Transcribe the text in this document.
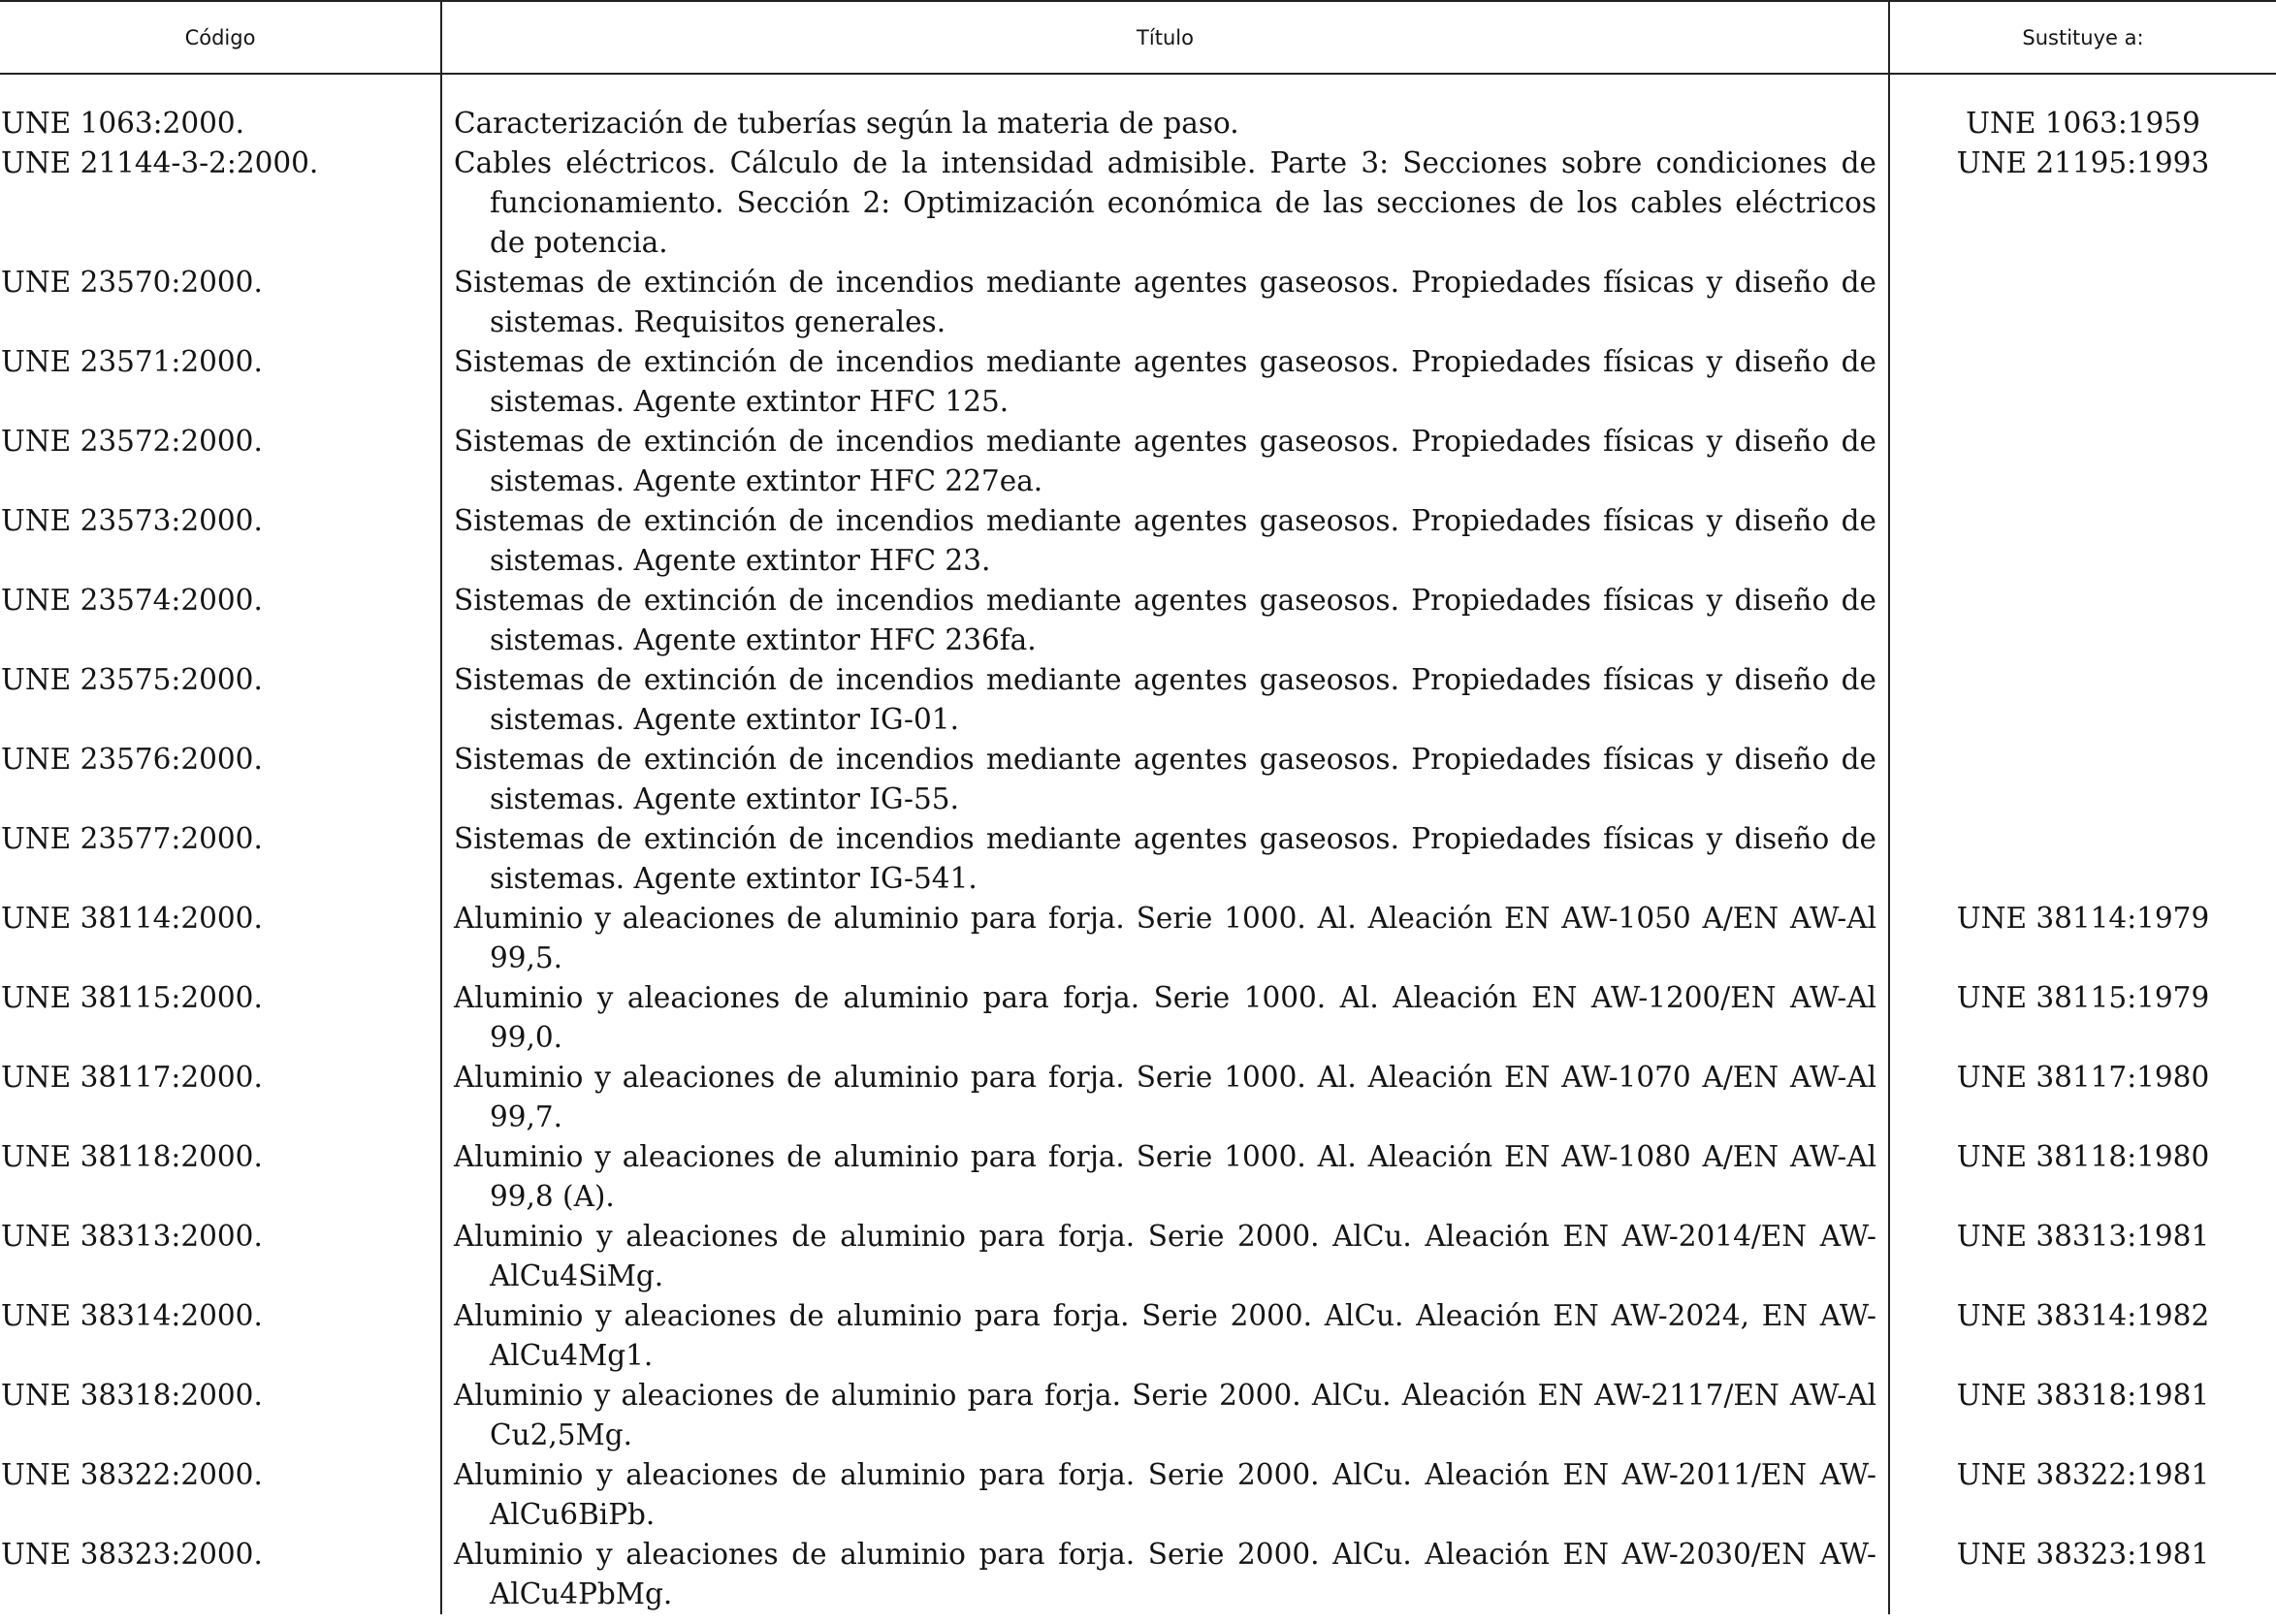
Código	Título	Sustituye a:

UNE 1063:2000.	Caracterización de tuberías según la materia de paso.	UNE 1063:1959
UNE 21144-3-2:2000.	Cables eléctricos. Cálculo de la intensidad admisible. Parte 3: Secciones sobre condiciones de funcionamiento. Sección 2: Optimización económica de las secciones de los cables eléctricos de potencia.	UNE 21195:1993
UNE 23570:2000.	Sistemas de extinción de incendios mediante agentes gaseosos. Propiedades físicas y diseño de sistemas. Requisitos generales.	

UNE 23571:2000.	Sistemas de extinción de incendios mediante agentes gaseosos. Propiedades físicas y diseño de sistemas. Agente extintor HFC 125.	

UNE 23572:2000.	Sistemas de extinción de incendios mediante agentes gaseosos. Propiedades físicas y diseño de sistemas. Agente extintor HFC 227ea.	

UNE 23573:2000.	Sistemas de extinción de incendios mediante agentes gaseosos. Propiedades físicas y diseño de sistemas. Agente extintor HFC 23.	

UNE 23574:2000.	Sistemas de extinción de incendios mediante agentes gaseosos. Propiedades físicas y diseño de sistemas. Agente extintor HFC 236fa.	

UNE 23575:2000.	Sistemas de extinción de incendios mediante agentes gaseosos. Propiedades físicas y diseño de sistemas. Agente extintor IG-01.	

UNE 23576:2000.	Sistemas de extinción de incendios mediante agentes gaseosos. Propiedades físicas y diseño de sistemas. Agente extintor IG-55.	

UNE 23577:2000.	Sistemas de extinción de incendios mediante agentes gaseosos. Propiedades físicas y diseño de sistemas. Agente extintor IG-541.	

UNE 38114:2000.	Aluminio y aleaciones de aluminio para forja. Serie 1000. Al. Aleación EN AW-1050 A/EN AW-Al 99,5.	UNE 38114:1979
UNE 38115:2000.	Aluminio y aleaciones de aluminio para forja. Serie 1000. Al. Aleación EN AW-1200/EN AW-Al 99,0.	UNE 38115:1979
UNE 38117:2000.	Aluminio y aleaciones de aluminio para forja. Serie 1000. Al. Aleación EN AW-1070 A/EN AW-Al 99,7.	UNE 38117:1980
UNE 38118:2000.	Aluminio y aleaciones de aluminio para forja. Serie 1000. Al. Aleación EN AW-1080 A/EN AW-Al 99,8 (A).	UNE 38118:1980
UNE 38313:2000.	Aluminio y aleaciones de aluminio para forja. Serie 2000. AlCu. Aleación EN AW-2014/EN AW-AlCu4SiMg.	UNE 38313:1981
UNE 38314:2000.	Aluminio y aleaciones de aluminio para forja. Serie 2000. AlCu. Aleación EN AW-2024, EN AW-AlCu4Mg1.	UNE 38314:1982
UNE 38318:2000.	Aluminio y aleaciones de aluminio para forja. Serie 2000. AlCu. Aleación EN AW-2117/EN AW-Al Cu2,5Mg.	UNE 38318:1981
UNE 38322:2000.	Aluminio y aleaciones de aluminio para forja. Serie 2000. AlCu. Aleación EN AW-2011/EN AW-AlCu6BiPb.	UNE 38322:1981
UNE 38323:2000.	Aluminio y aleaciones de aluminio para forja. Serie 2000. AlCu. Aleación EN AW-2030/EN AW-AlCu4PbMg.	UNE 38323:1981
